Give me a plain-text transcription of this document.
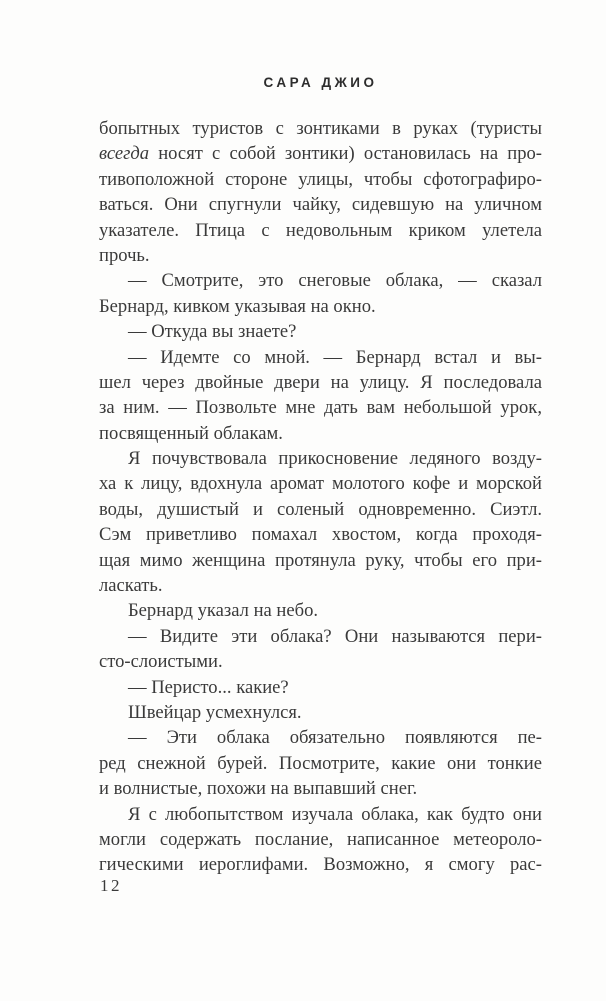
САРА ДЖИО
бопытных туристов с зонтиками в руках (туристы
всегда носят с собой зонтики) остановилась на про-
тивоположной стороне улицы, чтобы сфотографиро-
ваться. Они спугнули чайку, сидевшую на уличном
указателе. Птица с недовольным криком улетела
прочь.
— Смотрите, это снеговые облака, — сказал
Бернард, кивком указывая на окно.
— Откуда вы знаете?
— Идемте со мной. — Бернард встал и вы-
шел через двойные двери на улицу. Я последовала
за ним. — Позвольте мне дать вам небольшой урок,
посвященный облакам.
Я почувствовала прикосновение ледяного возду-
ха к лицу, вдохнула аромат молотого кофе и морской
воды, душистый и соленый одновременно. Сиэтл.
Сэм приветливо помахал хвостом, когда проходя-
щая мимо женщина протянула руку, чтобы его при-
ласкать.
Бернард указал на небо.
— Видите эти облака? Они называются пери-
сто-слоистыми.
— Перисто... какие?
Швейцар усмехнулся.
— Эти облака обязательно появляются пе-
ред снежной бурей. Посмотрите, какие они тонкие
и волнистые, похожи на выпавший снег.
Я с любопытством изучала облака, как будто они
могли содержать послание, написанное метеороло-
гическими иероглифами. Возможно, я смогу рас-
12
